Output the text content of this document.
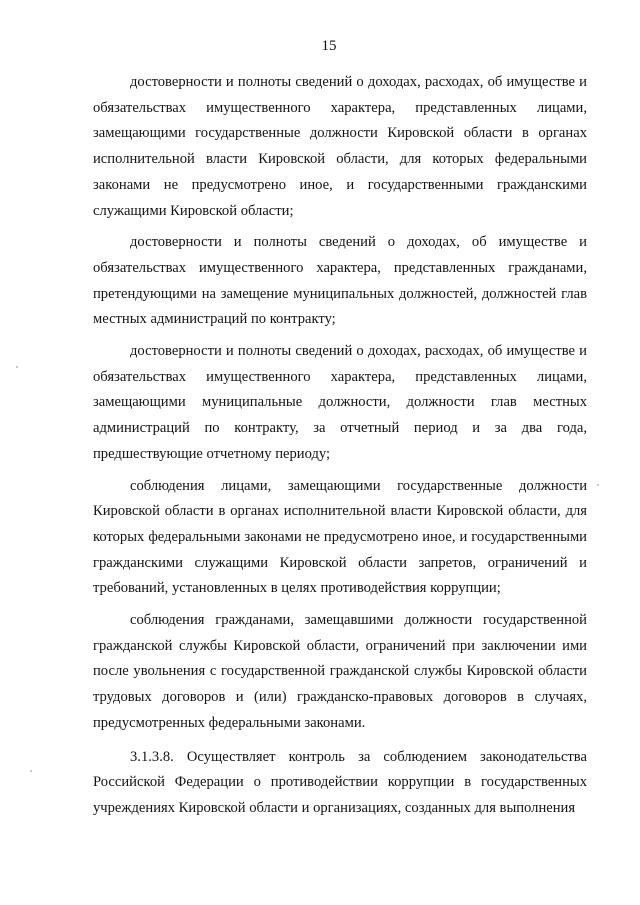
15

достоверности и полноты сведений о доходах, расходах, об имуществе и обязательствах имущественного характера, представленных лицами, замещающими государственные должности Кировской области в органах исполнительной власти Кировской области, для которых федеральными законами не предусмотрено иное, и государственными гражданскими служащими Кировской области;

достоверности и полноты сведений о доходах, об имуществе и обязательствах имущественного характера, представленных гражданами, претендующими на замещение муниципальных должностей, должностей глав местных администраций по контракту;

достоверности и полноты сведений о доходах, расходах, об имуществе и обязательствах имущественного характера, представленных лицами, замещающими муниципальные должности, должности глав местных администраций по контракту, за отчетный период и за два года, предшествующие отчетному периоду;

соблюдения лицами, замещающими государственные должности Кировской области в органах исполнительной власти Кировской области, для которых федеральными законами не предусмотрено иное, и государственными гражданскими служащими Кировской области запретов, ограничений и требований, установленных в целях противодействия коррупции;

соблюдения гражданами, замещавшими должности государственной гражданской службы Кировской области, ограничений при заключении ими после увольнения с государственной гражданской службы Кировской области трудовых договоров и (или) гражданско-правовых договоров в случаях, предусмотренных федеральными законами.

3.1.3.8. Осуществляет контроль за соблюдением законодательства Российской Федерации о противодействии коррупции в государственных учреждениях Кировской области и организациях, созданных для выполнения
